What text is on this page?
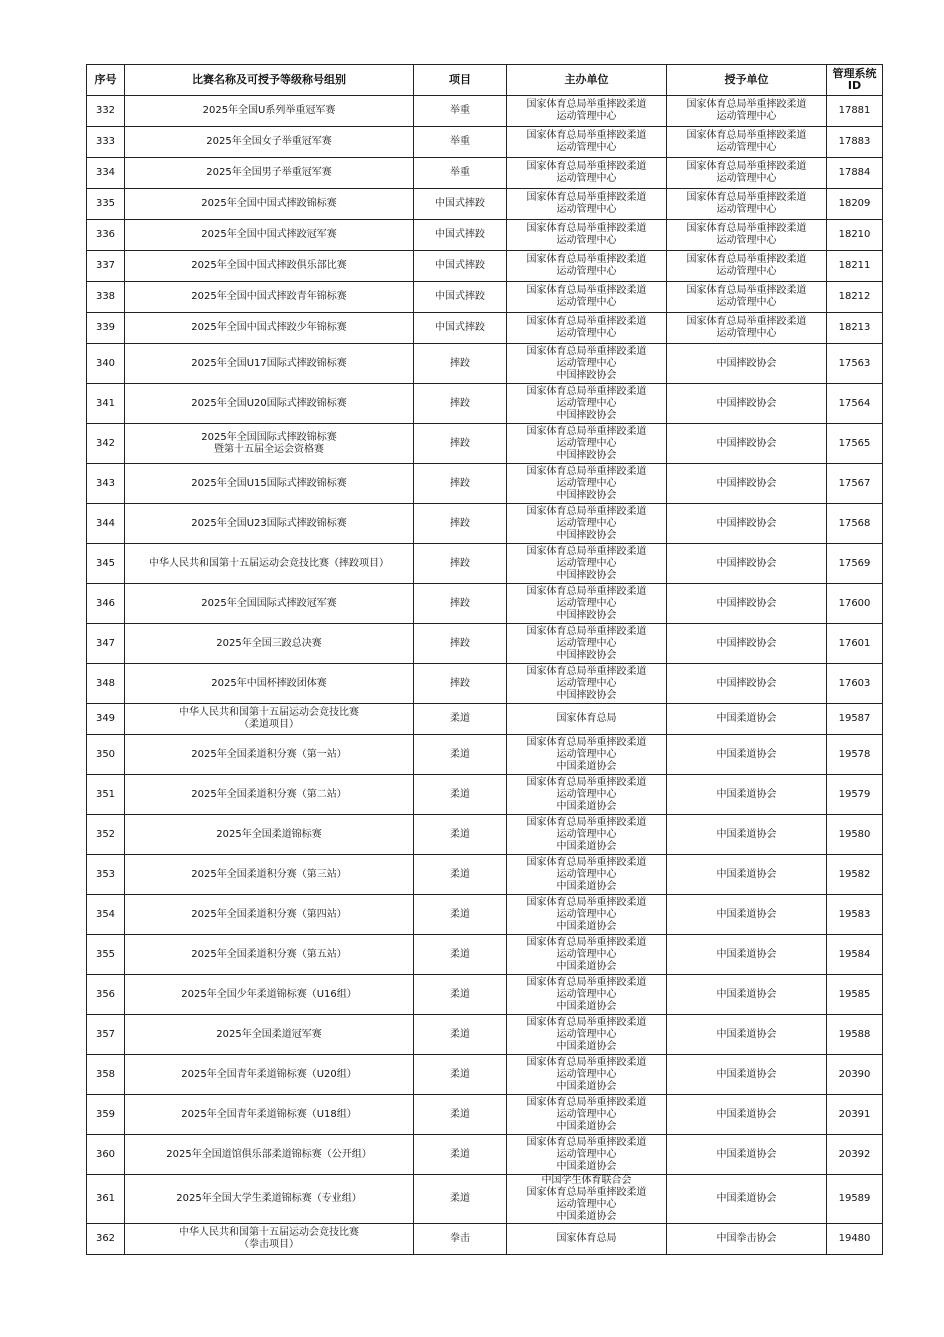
序号	比赛名称及可授予等级称号组别	项目	主办单位	授予单位	管理系统
ID
332	2025年全国U系列举重冠军赛	举重	国家体育总局举重摔跤柔道
运动管理中心	国家体育总局举重摔跤柔道
运动管理中心	17881
333	2025年全国女子举重冠军赛	举重	国家体育总局举重摔跤柔道
运动管理中心	国家体育总局举重摔跤柔道
运动管理中心	17883
334	2025年全国男子举重冠军赛	举重	国家体育总局举重摔跤柔道
运动管理中心	国家体育总局举重摔跤柔道
运动管理中心	17884
335	2025年全国中国式摔跤锦标赛	中国式摔跤	国家体育总局举重摔跤柔道
运动管理中心	国家体育总局举重摔跤柔道
运动管理中心	18209
336	2025年全国中国式摔跤冠军赛	中国式摔跤	国家体育总局举重摔跤柔道
运动管理中心	国家体育总局举重摔跤柔道
运动管理中心	18210
337	2025年全国中国式摔跤俱乐部比赛	中国式摔跤	国家体育总局举重摔跤柔道
运动管理中心	国家体育总局举重摔跤柔道
运动管理中心	18211
338	2025年全国中国式摔跤青年锦标赛	中国式摔跤	国家体育总局举重摔跤柔道
运动管理中心	国家体育总局举重摔跤柔道
运动管理中心	18212
339	2025年全国中国式摔跤少年锦标赛	中国式摔跤	国家体育总局举重摔跤柔道
运动管理中心	国家体育总局举重摔跤柔道
运动管理中心	18213
340	2025年全国U17国际式摔跤锦标赛	摔跤	国家体育总局举重摔跤柔道
运动管理中心
中国摔跤协会	中国摔跤协会	17563
341	2025年全国U20国际式摔跤锦标赛	摔跤	国家体育总局举重摔跤柔道
运动管理中心
中国摔跤协会	中国摔跤协会	17564
342	2025年全国国际式摔跤锦标赛
暨第十五届全运会资格赛	摔跤	国家体育总局举重摔跤柔道
运动管理中心
中国摔跤协会	中国摔跤协会	17565
343	2025年全国U15国际式摔跤锦标赛	摔跤	国家体育总局举重摔跤柔道
运动管理中心
中国摔跤协会	中国摔跤协会	17567
344	2025年全国U23国际式摔跤锦标赛	摔跤	国家体育总局举重摔跤柔道
运动管理中心
中国摔跤协会	中国摔跤协会	17568
345	中华人民共和国第十五届运动会竞技比赛（摔跤项目）	摔跤	国家体育总局举重摔跤柔道
运动管理中心
中国摔跤协会	中国摔跤协会	17569
346	2025年全国国际式摔跤冠军赛	摔跤	国家体育总局举重摔跤柔道
运动管理中心
中国摔跤协会	中国摔跤协会	17600
347	2025年全国三跤总决赛	摔跤	国家体育总局举重摔跤柔道
运动管理中心
中国摔跤协会	中国摔跤协会	17601
348	2025年中国杯摔跤团体赛	摔跤	国家体育总局举重摔跤柔道
运动管理中心
中国摔跤协会	中国摔跤协会	17603
349	中华人民共和国第十五届运动会竞技比赛
（柔道项目）	柔道	国家体育总局	中国柔道协会	19587
350	2025年全国柔道积分赛（第一站）	柔道	国家体育总局举重摔跤柔道
运动管理中心
中国柔道协会	中国柔道协会	19578
351	2025年全国柔道积分赛（第二站）	柔道	国家体育总局举重摔跤柔道
运动管理中心
中国柔道协会	中国柔道协会	19579
352	2025年全国柔道锦标赛	柔道	国家体育总局举重摔跤柔道
运动管理中心
中国柔道协会	中国柔道协会	19580
353	2025年全国柔道积分赛（第三站）	柔道	国家体育总局举重摔跤柔道
运动管理中心
中国柔道协会	中国柔道协会	19582
354	2025年全国柔道积分赛（第四站）	柔道	国家体育总局举重摔跤柔道
运动管理中心
中国柔道协会	中国柔道协会	19583
355	2025年全国柔道积分赛（第五站）	柔道	国家体育总局举重摔跤柔道
运动管理中心
中国柔道协会	中国柔道协会	19584
356	2025年全国少年柔道锦标赛（U16组）	柔道	国家体育总局举重摔跤柔道
运动管理中心
中国柔道协会	中国柔道协会	19585
357	2025年全国柔道冠军赛	柔道	国家体育总局举重摔跤柔道
运动管理中心
中国柔道协会	中国柔道协会	19588
358	2025年全国青年柔道锦标赛（U20组）	柔道	国家体育总局举重摔跤柔道
运动管理中心
中国柔道协会	中国柔道协会	20390
359	2025年全国青年柔道锦标赛（U18组）	柔道	国家体育总局举重摔跤柔道
运动管理中心
中国柔道协会	中国柔道协会	20391
360	2025年全国道馆俱乐部柔道锦标赛（公开组）	柔道	国家体育总局举重摔跤柔道
运动管理中心
中国柔道协会	中国柔道协会	20392
361	2025年全国大学生柔道锦标赛（专业组）	柔道	中国学生体育联合会
国家体育总局举重摔跤柔道
运动管理中心
中国柔道协会	中国柔道协会	19589
362	中华人民共和国第十五届运动会竞技比赛
（拳击项目）	拳击	国家体育总局	中国拳击协会	19480
